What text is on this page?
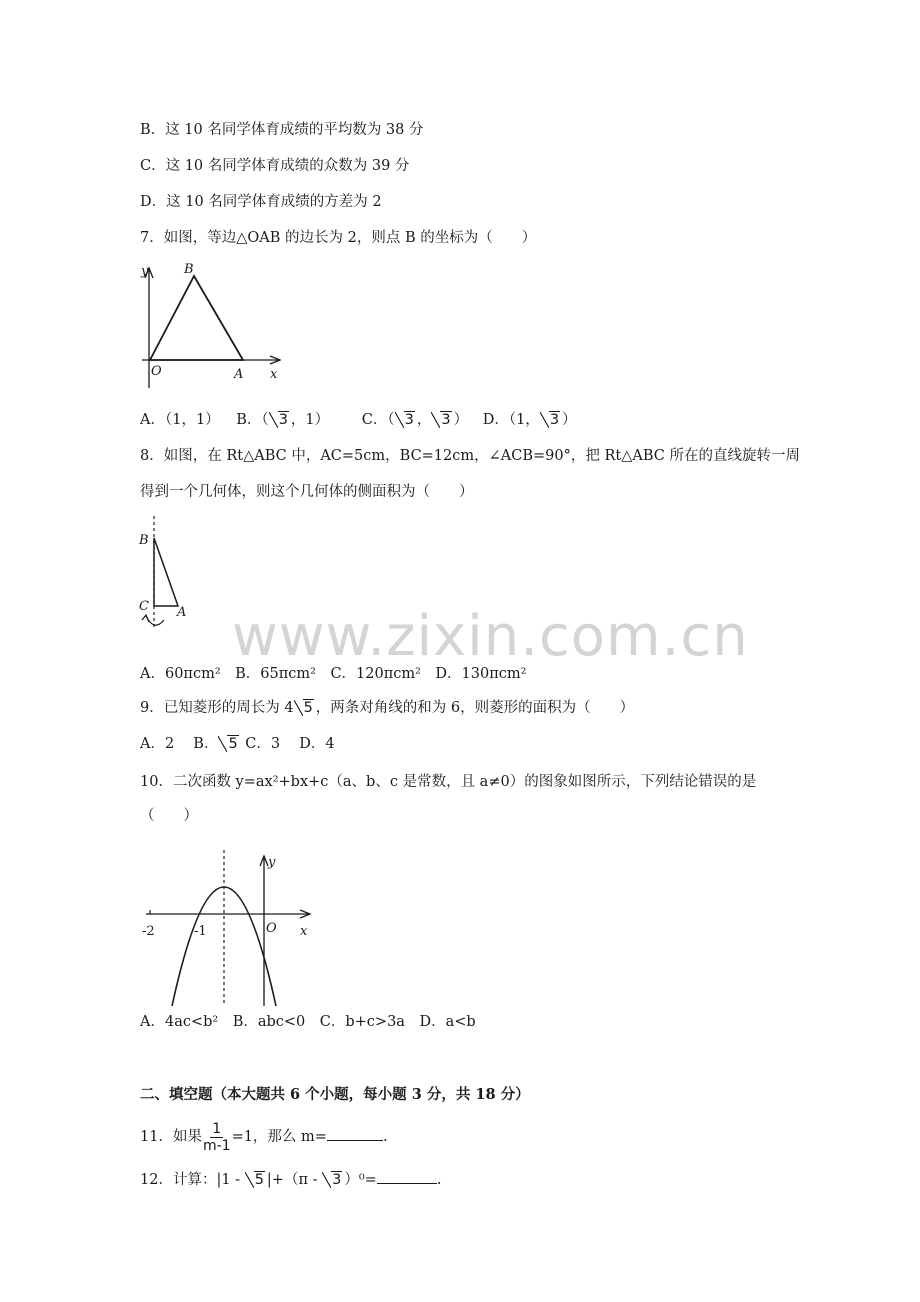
B．这 10 名同学体育成绩的平均数为 38 分
C．这 10 名同学体育成绩的众数为 39 分
D．这 10 名同学体育成绩的方差为 2
7．如图，等边△OAB 的边长为 2，则点 B 的坐标为（　　）
y	B
O	A x
A．（1，1） B．（ 3 ，1） C．（ 3 ， 3 ） D．（1， 3 ）
8．如图，在 Rt△ABC 中，AC=5cm，BC=12cm，∠ACB=90°，把 Rt△ABC 所在的直线旋转一周
得到一个几何体，则这个几何体的侧面积为（　　）
B
C A www.zixin.com.cn
A．60πcm²　B．65πcm²　C．120πcm²　D．130πcm²
9．已知菱形的周长为 4 5 ，两条对角线的和为 6，则菱形的面积为（　　）
A．2　 B． 5 C．3　 D．4
10．二次函数 y=ax²+bx+c（a、b、c 是常数，且 a≠0）的图象如图所示，下列结论错误的是
（　　）
y
-2	-1	O x
A．4ac<b²　B．abc<0　C．b+c>3a　D．a<b
二、填空题（本大题共 6 个小题，每小题 3 分，共 18 分）
11．如果 $\frac{1}{m-1} =1$，那么 m=	.
12．计算：|1 - 5 |+（π - 3 ）⁰=	.
